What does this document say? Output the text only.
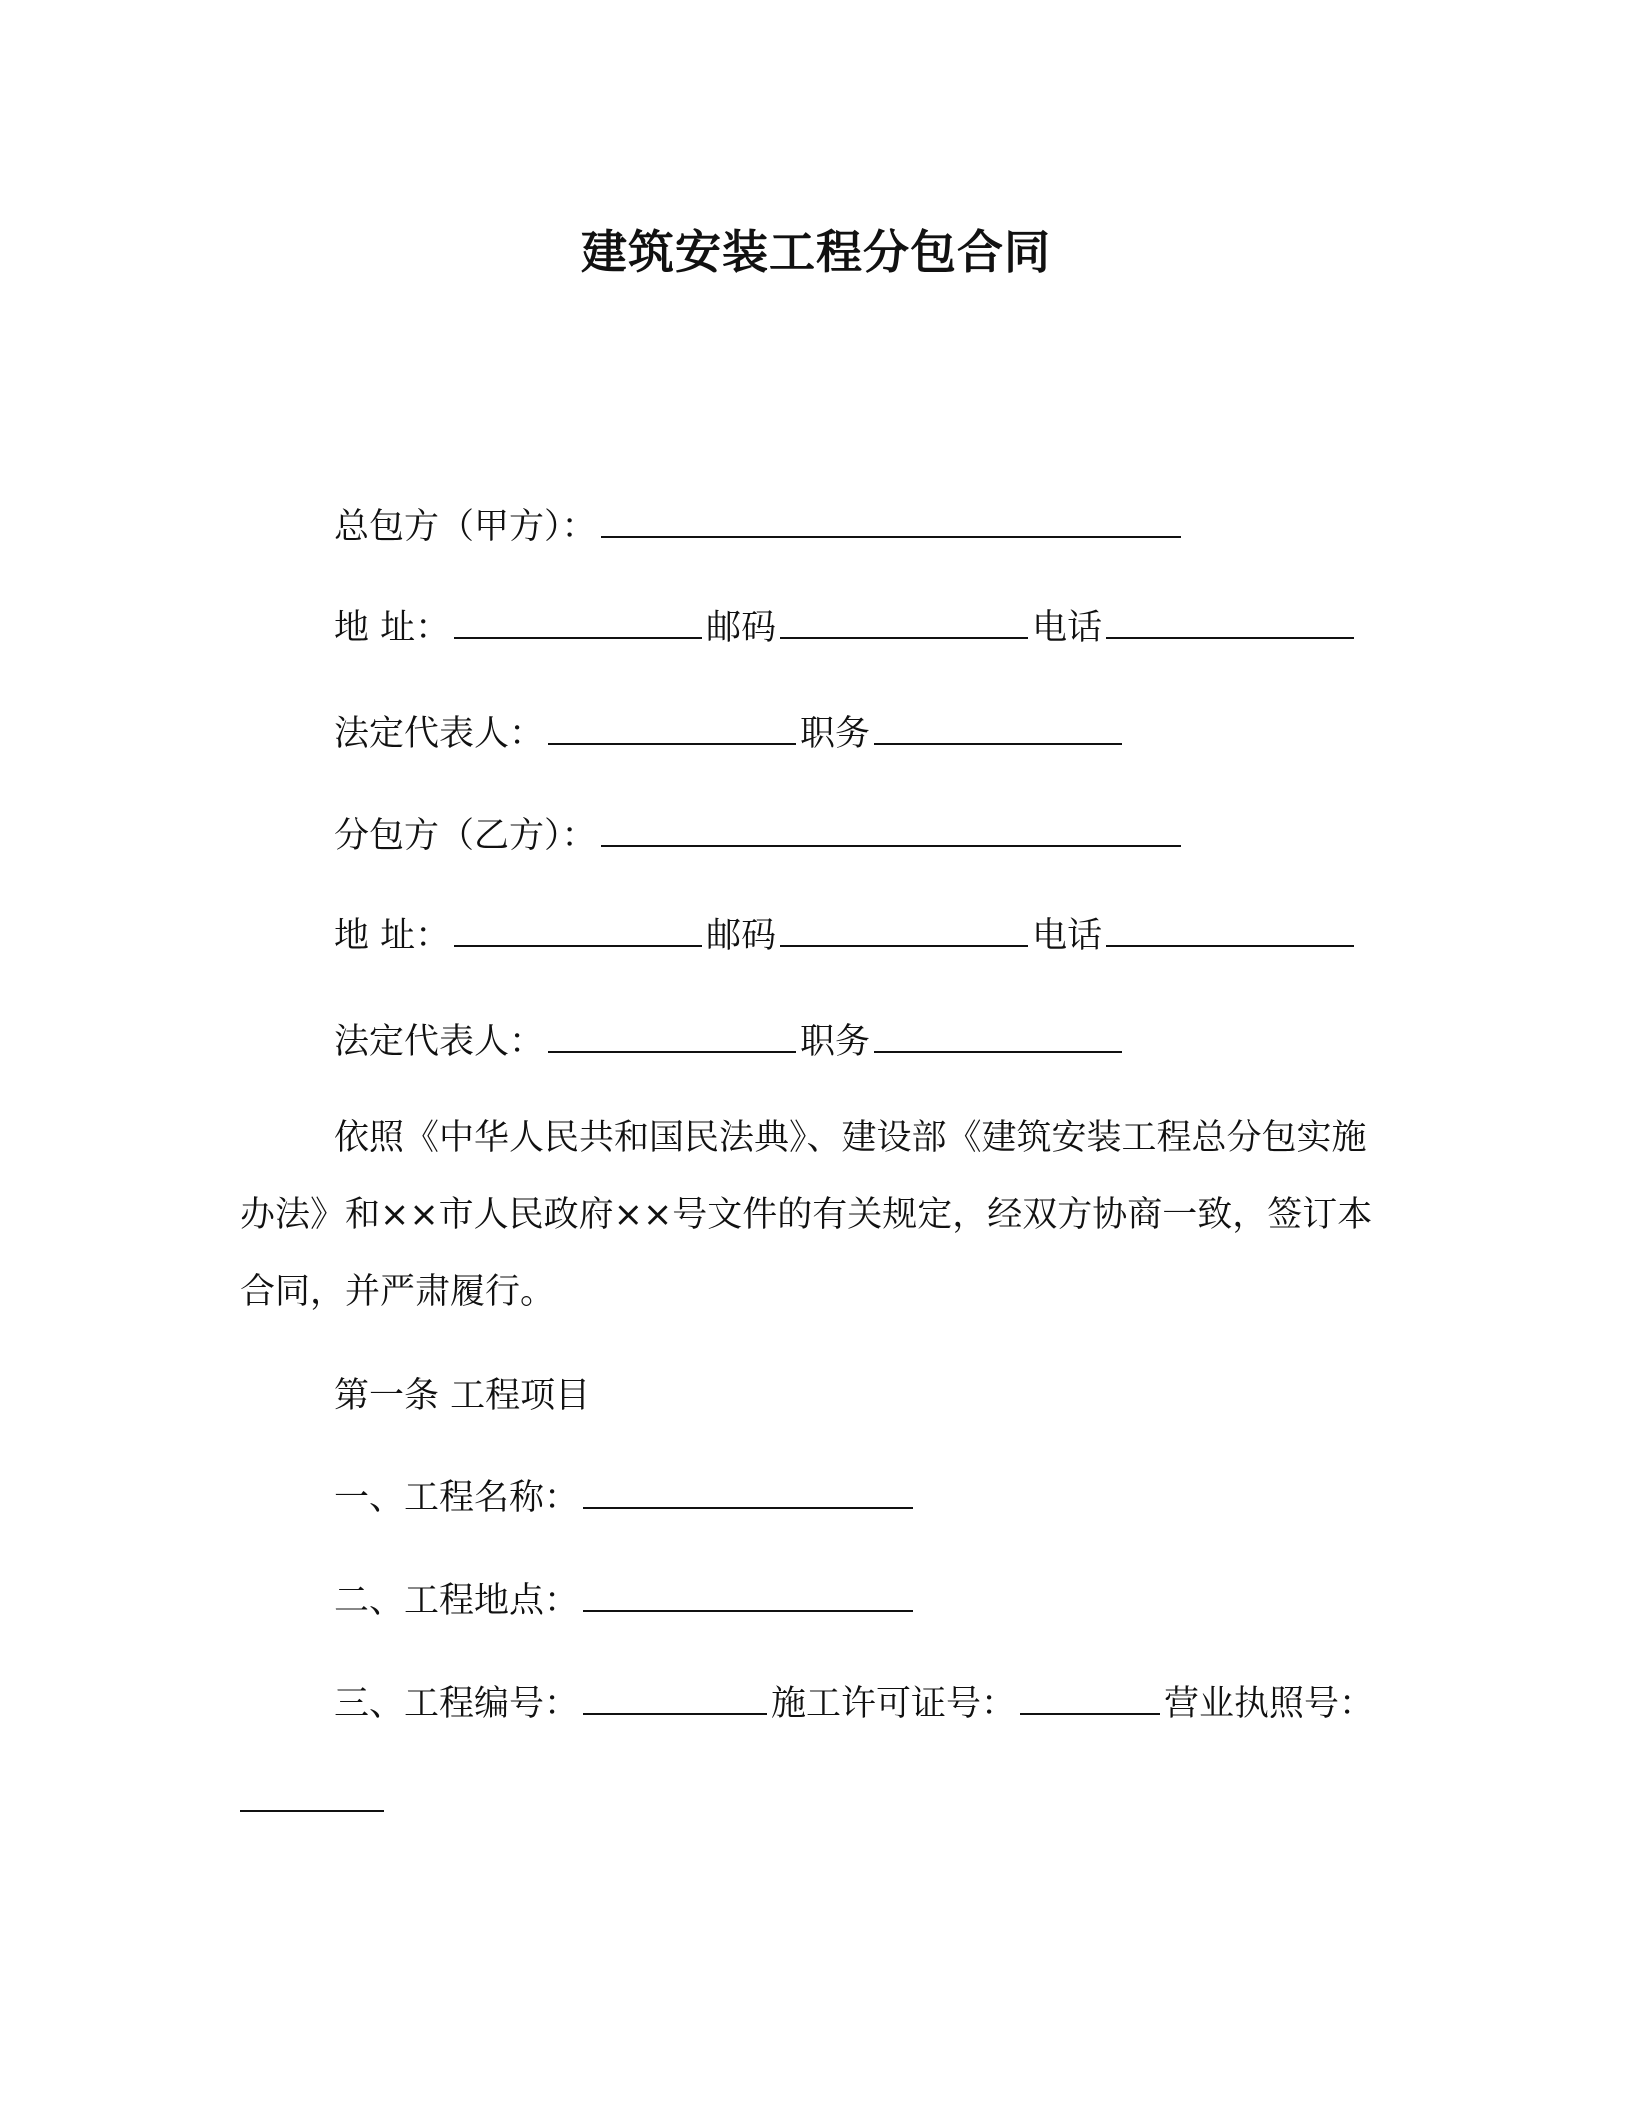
建筑安装工程分包合同
总包方（甲方）：
地 址：	邮码	电话
法定代表人：	职务
分包方（乙方）：
地 址：	邮码	电话
法定代表人：	职务
依照《中华人民共和国民法典》、建设部《建筑安装工程总分包实施办法》和××市人民政府××号文件的有关规定，经双方协商一致，签订本合同，并严肃履行。
第一条 工程项目
一、工程名称：
二、工程地点：
三、工程编号：	施工许可证号：	营业执照号：
